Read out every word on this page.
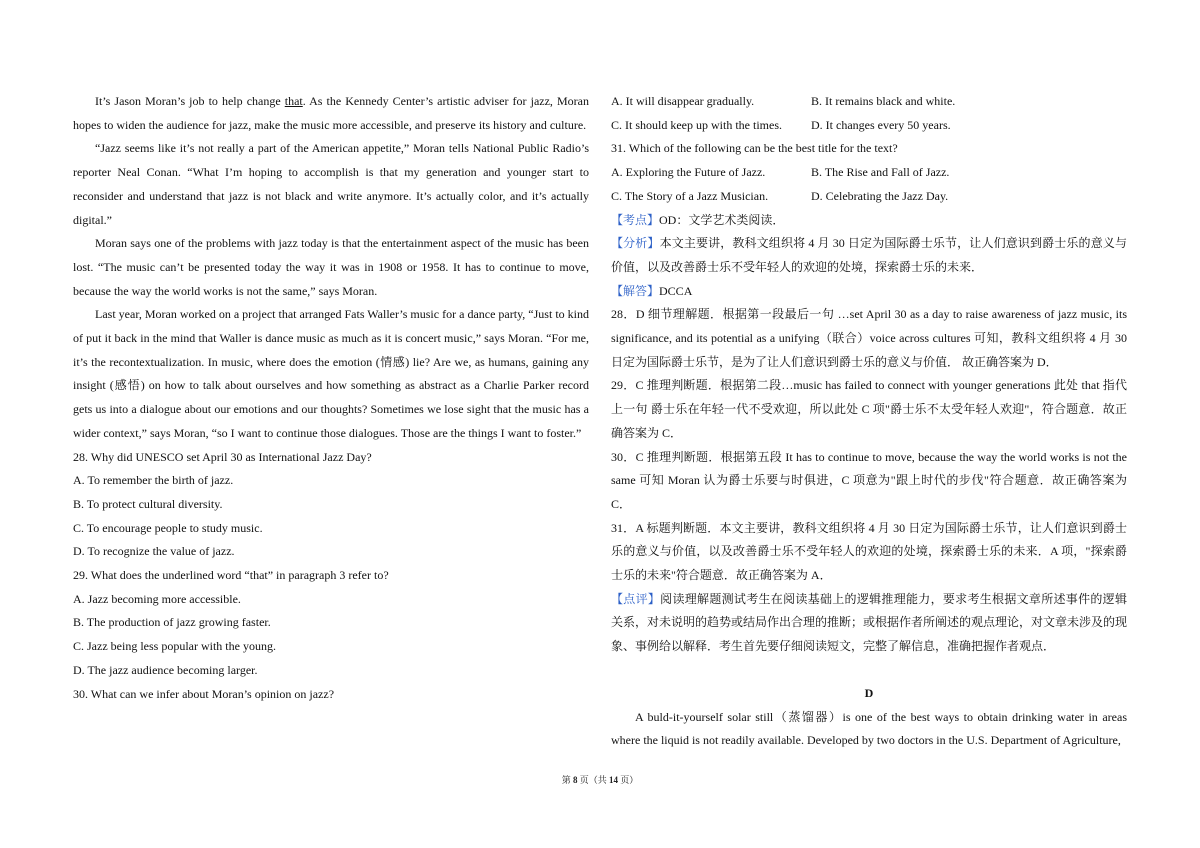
It’s Jason Moran’s job to help change that. As the Kennedy Center’s artistic adviser for jazz, Moran hopes to widen the audience for jazz, make the music more accessible, and preserve its history and culture.

“Jazz seems like it’s not really a part of the American appetite,” Moran tells National Public Radio’s reporter Neal Conan. “What I’m hoping to accomplish is that my generation and younger start to reconsider and understand that jazz is not black and write anymore. It’s actually color, and it’s actually digital.”

Moran says one of the problems with jazz today is that the entertainment aspect of the music has been lost. “The music can’t be presented today the way it was in 1908 or 1958. It has to continue to move, because the way the world works is not the same,” says Moran.

Last year, Moran worked on a project that arranged Fats Waller’s music for a dance party, “Just to kind of put it back in the mind that Waller is dance music as much as it is concert music,” says Moran. “For me, it’s the recontextualization. In music, where does the emotion (情感) lie? Are we, as humans, gaining any insight (感悟) on how to talk about ourselves and how something as abstract as a Charlie Parker record gets us into a dialogue about our emotions and our thoughts? Sometimes we lose sight that the music has a wider context,” says Moran, “so I want to continue those dialogues. Those are the things I want to foster.”

28. Why did UNESCO set April 30 as International Jazz Day?

A. To remember the birth of jazz.

B. To protect cultural diversity.

C. To encourage people to study music.

D. To recognize the value of jazz.

29. What does the underlined word “that” in paragraph 3 refer to?

A. Jazz becoming more accessible.

B. The production of jazz growing faster.

C. Jazz being less popular with the young.

D. The jazz audience becoming larger.

30. What can we infer about Moran’s opinion on jazz?

A. It will disappear gradually.	B. It remains black and white.

C. It should keep up with the times.	D. It changes every 50 years.

31. Which of the following can be the best title for the text?

A. Exploring the Future of Jazz.	B. The Rise and Fall of Jazz.

C. The Story of a Jazz Musician.	D. Celebrating the Jazz Day.

【考点】OD：文学艺术类阅读．

【分析】本文主要讲，教科文组织将 4 月 30 日定为国际爵士乐节，让人们意识到爵士乐的意义与价值，以及改善爵士乐不受年轻人的欢迎的处境，探索爵士乐的未来．

【解答】DCCA

28．D 细节理解题．根据第一段最后一句 …set April 30 as a day to raise awareness of jazz music, its significance, and its potential as a unifying（联合）voice across cultures 可知，教科文组织将 4 月 30 日定为国际爵士乐节，是为了让人们意识到爵士乐的意义与价值． 故正确答案为 D．

29．C 推理判断题．根据第二段…music has failed to connect with younger generations 此处 that 指代上一句 爵士乐在年轻一代不受欢迎，所以此处 C 项"爵士乐不太受年轻人欢迎"，符合题意．故正确答案为 C．

30．C 推理判断题．根据第五段 It has to continue to move, because the way the world works is not the same 可知 Moran 认为爵士乐要与时俱进，C 项意为"跟上时代的步伐"符合题意．故正确答案为 C．

31．A 标题判断题．本文主要讲，教科文组织将 4 月 30 日定为国际爵士乐节，让人们意识到爵士乐的意义与价值，以及改善爵士乐不受年轻人的欢迎的处境，探索爵士乐的未来．A 项，"探索爵士乐的未来"符合题意．故正确答案为 A．

【点评】阅读理解题测试考生在阅读基础上的逻辑推理能力，要求考生根据文章所述事件的逻辑关系，对未说明的趋势或结局作出合理的推断；或根据作者所阐述的观点理论，对文章未涉及的现象、事例给以解释．考生首先要仔细阅读短文，完整了解信息，准确把握作者观点．

D

A buld-it-yourself solar still（蒸馏器）is one of the best ways to obtain drinking water in areas where the liquid is not readily available. Developed by two doctors in the U.S. Department of Agriculture,

第 8 页（共 14 页）
